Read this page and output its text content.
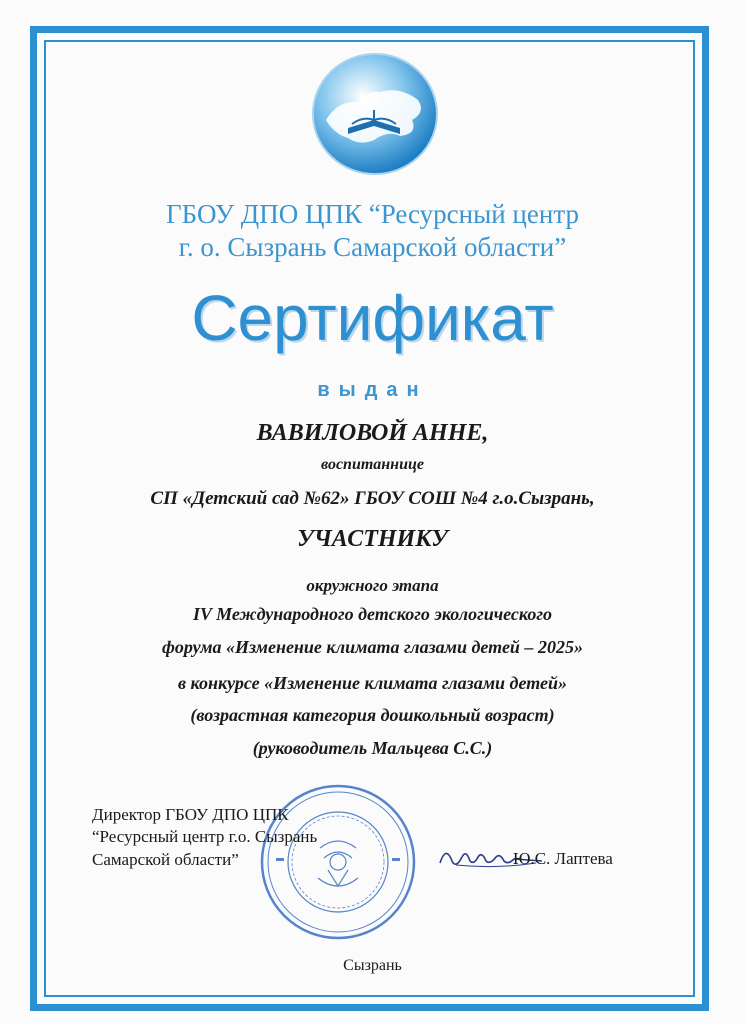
ГБОУ ДПО ЦПК “Ресурсный центр
г. о. Сызрань Самарской области”
Сертификат
выдан
ВАВИЛОВОЙ АННЕ,
воспитаннице
СП «Детский сад №62» ГБОУ СОШ №4 г.о.Сызрань,
УЧАСТНИКУ
окружного этапа
IV Международного детского экологического
форума «Изменение климата глазами детей – 2025»
в конкурсе «Изменение климата глазами детей»
(возрастная категория дошкольный возраст)
(руководитель Мальцева С.С.)
Директор ГБОУ ДПО ЦПК
“Ресурсный центр г.о. Сызрань
Самарской области”	Ю.С. Лаптева
Сызрань
